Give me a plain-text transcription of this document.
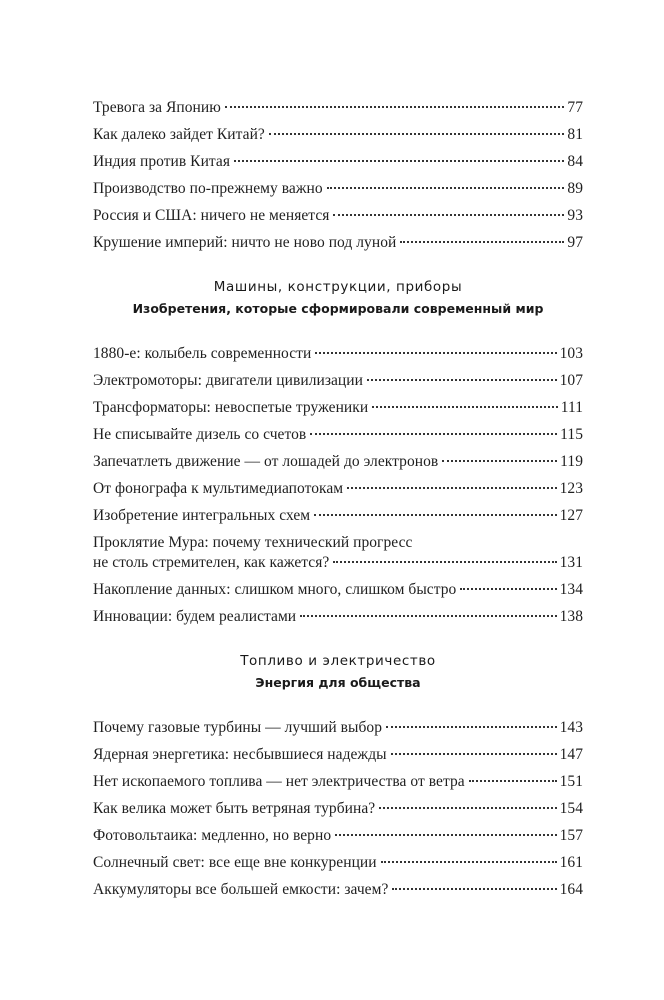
Тревога за Японию	77
Как далеко зайдет Китай?	81
Индия против Китая	84
Производство по-прежнему важно	89
Россия и США: ничего не меняется	93
Крушение империй: ничто не ново под луной	97
Машины, конструкции, приборы
Изобретения, которые сформировали современный мир
1880-е: колыбель современности	103
Электромоторы: двигатели цивилизации	107
Трансформаторы: невоспетые труженики	111
Не списывайте дизель со счетов	115
Запечатлеть движение — от лошадей до электронов	119
От фонографа к мультимедиапотокам	123
Изобретение интегральных схем	127
Проклятие Мура: почему технический прогресс
не столь стремителен, как кажется?	131
Накопление данных: слишком много, слишком быстро	134
Инновации: будем реалистами	138
Топливо и электричество
Энергия для общества
Почему газовые турбины — лучший выбор	143
Ядерная энергетика: несбывшиеся надежды	147
Нет ископаемого топлива — нет электричества от ветра	151
Как велика может быть ветряная турбина?	154
Фотовольтаика: медленно, но верно	157
Солнечный свет: все еще вне конкуренции	161
Аккумуляторы все большей емкости: зачем?	164
